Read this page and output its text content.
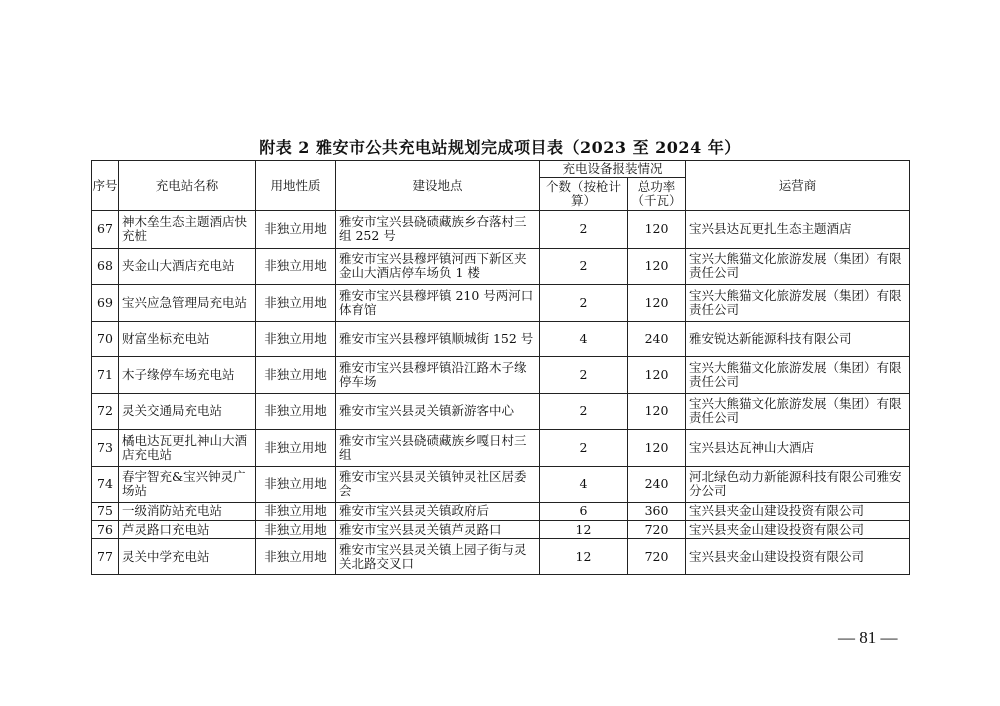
附表 2 雅安市公共充电站规划完成项目表（2023 至 2024 年）
序号	充电站名称	用地性质	建设地点	充电设备报装情况		运营商
				个数（按枪计算）	总功率（千瓦）	
67	神木垒生态主题酒店快充桩	非独立用地	雅安市宝兴县硗碛藏族乡夻落村三组 252 号	2	120	宝兴县达瓦更扎生态主题酒店
68	夹金山大酒店充电站	非独立用地	雅安市宝兴县穆坪镇河西下新区夹金山大酒店停车场负 1 楼	2	120	宝兴大熊猫文化旅游发展（集团）有限责任公司
69	宝兴应急管理局充电站	非独立用地	雅安市宝兴县穆坪镇 210 号两河口体育馆	2	120	宝兴大熊猫文化旅游发展（集团）有限责任公司
70	财富坐标充电站	非独立用地	雅安市宝兴县穆坪镇顺城街 152 号	4	240	雅安锐达新能源科技有限公司
71	木子缘停车场充电站	非独立用地	雅安市宝兴县穆坪镇沿江路木子缘停车场	2	120	宝兴大熊猫文化旅游发展（集团）有限责任公司
72	灵关交通局充电站	非独立用地	雅安市宝兴县灵关镇新游客中心	2	120	宝兴大熊猫文化旅游发展（集团）有限责任公司
73	橘电达瓦更扎神山大酒店充电站	非独立用地	雅安市宝兴县硗碛藏族乡嘎日村三组	2	120	宝兴县达瓦神山大酒店
74	春宇智充&宝兴钟灵广场站	非独立用地	雅安市宝兴县灵关镇钟灵社区居委会	4	240	河北绿色动力新能源科技有限公司雅安分公司
75	一级消防站充电站	非独立用地	雅安市宝兴县灵关镇政府后	6	360	宝兴县夹金山建设投资有限公司
76	芦灵路口充电站	非独立用地	雅安市宝兴县灵关镇芦灵路口	12	720	宝兴县夹金山建设投资有限公司
77	灵关中学充电站	非独立用地	雅安市宝兴县灵关镇上园子街与灵关北路交叉口	12	720	宝兴县夹金山建设投资有限公司
— 81 —
